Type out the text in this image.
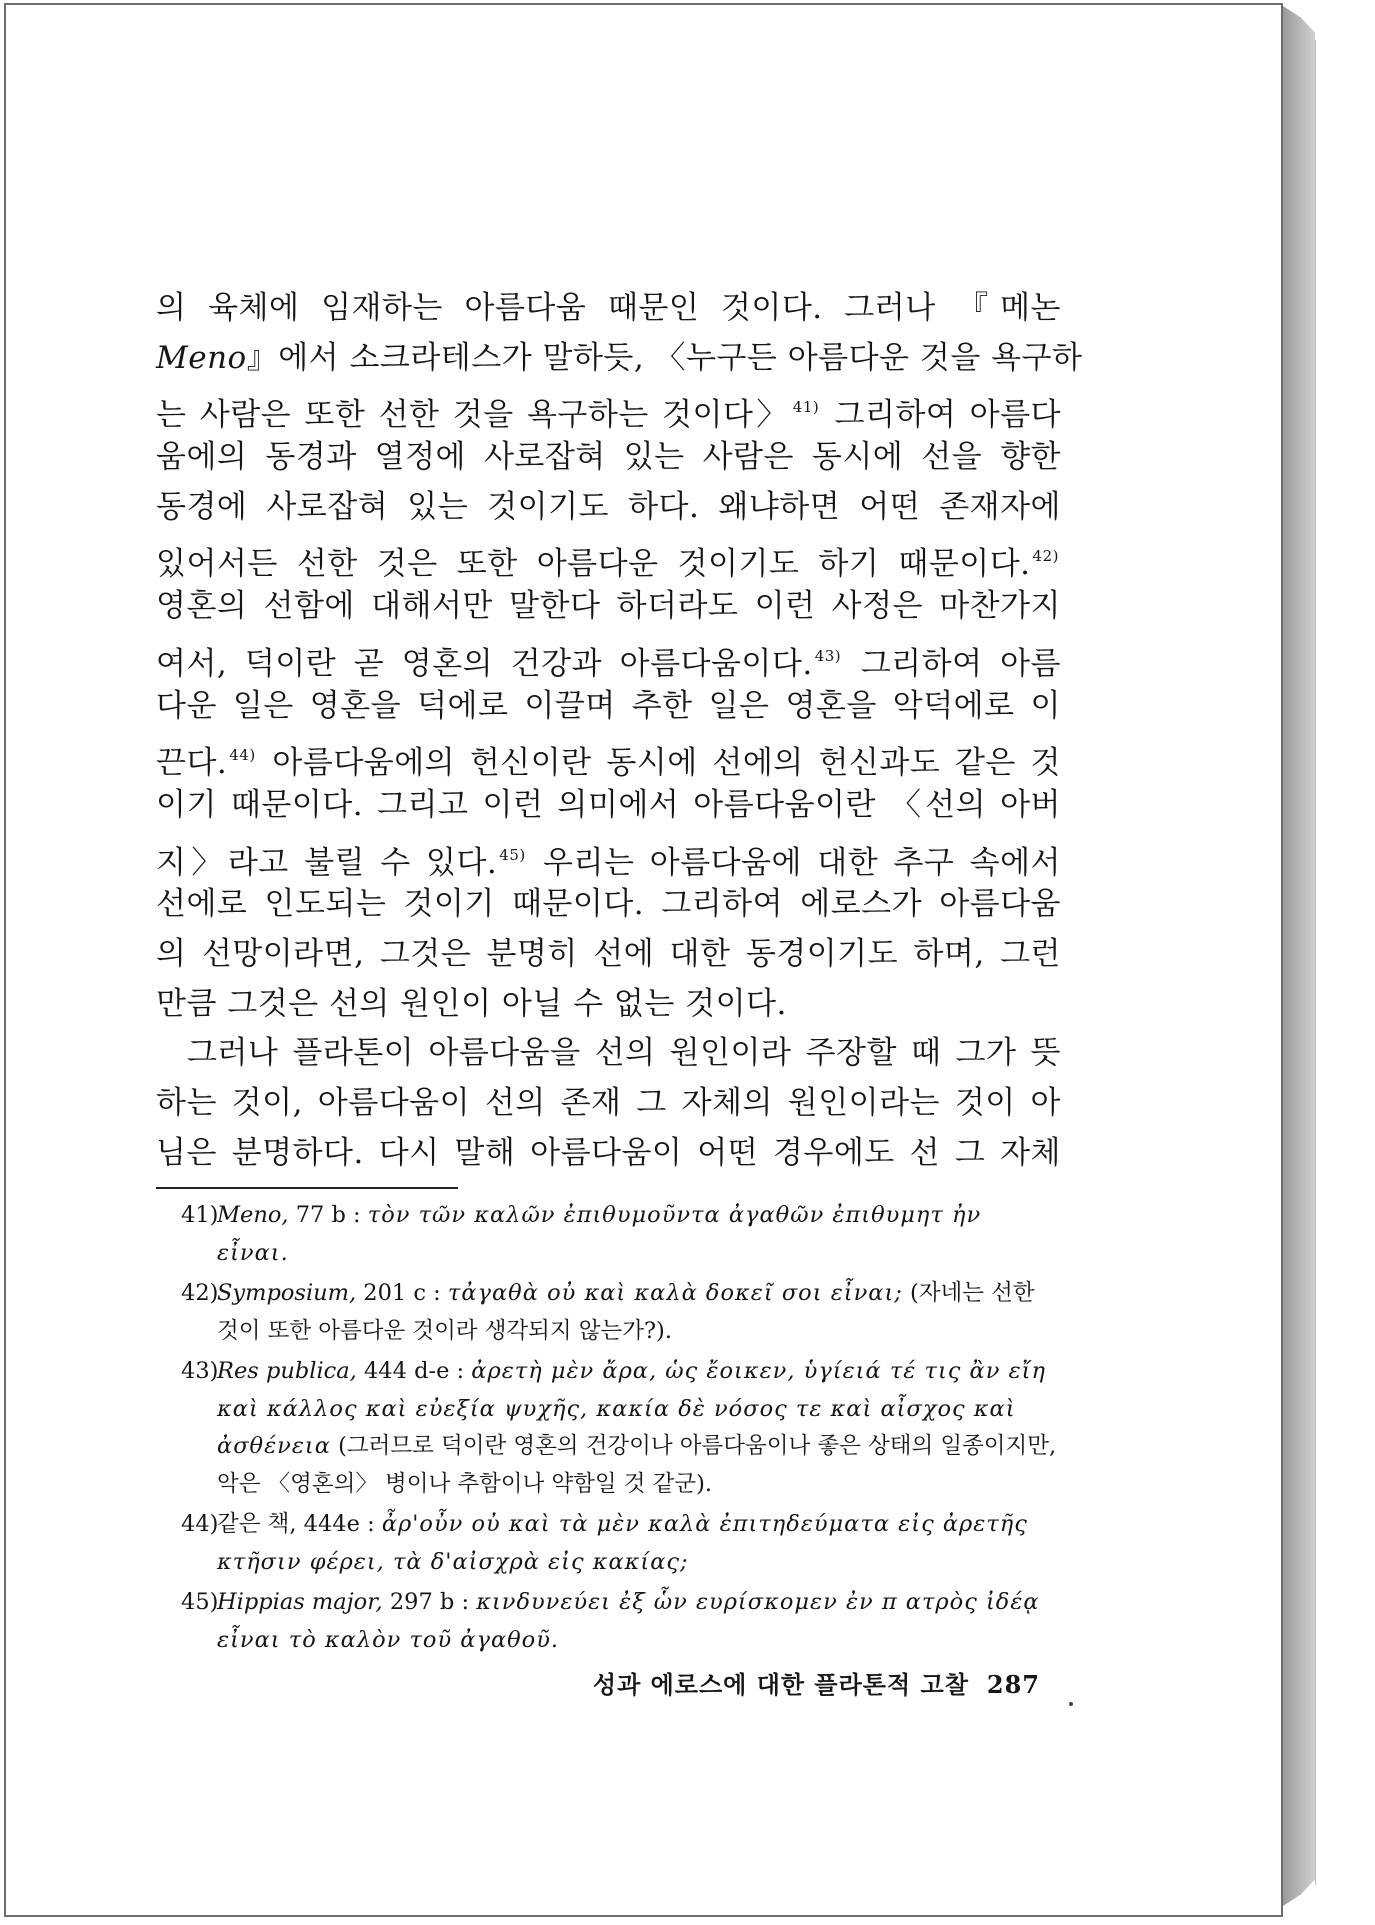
의 육체에 임재하는 아름다움 때문인 것이다. 그러나 『메논
Meno』에서 소크라테스가 말하듯, 〈누구든 아름다운 것을 욕구하
는 사람은 또한 선한 것을 욕구하는 것이다〉 $^{41)}$ 그리하여 아름다
움에의 동경과 열정에 사로잡혀 있는 사람은 동시에 선을 향한
동경에 사로잡혀 있는 것이기도 하다. 왜냐하면 어떤 존재자에
있어서든 선한 것은 또한 아름다운 것이기도 하기 때문이다. $^{42)}$
영혼의 선함에 대해서만 말한다 하더라도 이런 사정은 마찬가지
여서, 덕이란 곧 영혼의 건강과 아름다움이다. $^{43)}$ 그리하여 아름
다운 일은 영혼을 덕에로 이끌며 추한 일은 영혼을 악덕에로 이
끈다. $^{44)}$ 아름다움에의 헌신이란 동시에 선에의 헌신과도 같은 것
이기 때문이다. 그리고 이런 의미에서 아름다움이란 〈선의 아버
지〉라고 불릴 수 있다. $^{45)}$ 우리는 아름다움에 대한 추구 속에서
선에로 인도되는 것이기 때문이다. 그리하여 에로스가 아름다움
의 선망이라면, 그것은 분명히 선에 대한 동경이기도 하며, 그런
만큼 그것은 선의 원인이 아닐 수 없는 것이다.
그러나 플라톤이 아름다움을 선의 원인이라 주장할 때 그가 뜻
하는 것이, 아름다움이 선의 존재 그 자체의 원인이라는 것이 아
님은 분명하다. 다시 말해 아름다움이 어떤 경우에도 선 그 자체
41)Meno, 77 b : τὸν τῶν καλῶν ἐπιθυμοῦντα ἀγαθῶν ἐπιθυμητ ἠν εἶναι.
42)Symposium, 201 c : τἀγαθὰ οὐ καὶ καλὰ δοκεῖ σοι εἶναι; (자네는 선한 것이 또한 아름다운 것이라 생각되지 않는가?).
43)Res publica, 444 d-e : ἀρετὴ μὲν ἄρα, ὡς ἔοικεν, ὑγίειά τέ τις ἂν εἴη καὶ κάλλος καὶ εὐεξία ψυχῆς, κακία δὲ νόσος τε καὶ αἶσχος καὶ ἀσθένεια (그러므로 덕이란 영혼의 건강이나 아름다움이나 좋은 상태의 일종이지만, 악은 〈영혼의〉 병이나 추함이나 약함일 것 같군).
44)같은 책, 444e : ἆρ'οὖν οὐ καὶ τὰ μὲν καλὰ ἐπιτηδεύματα εἰς ἀρετῆς κτῆσιν φέρει, τὰ δ'αἰσχρὰ εἰς κακίας;
45)Hippias major, 297 b : κινδυνεύει ἐξ ὧν ευρίσκομεν ἐν π ατρὸς ἰδέᾳ εἶναι τὸ καλὸν τοῦ ἀγαθοῦ.
성과 에로스에 대한 플라톤적 고찰 287
